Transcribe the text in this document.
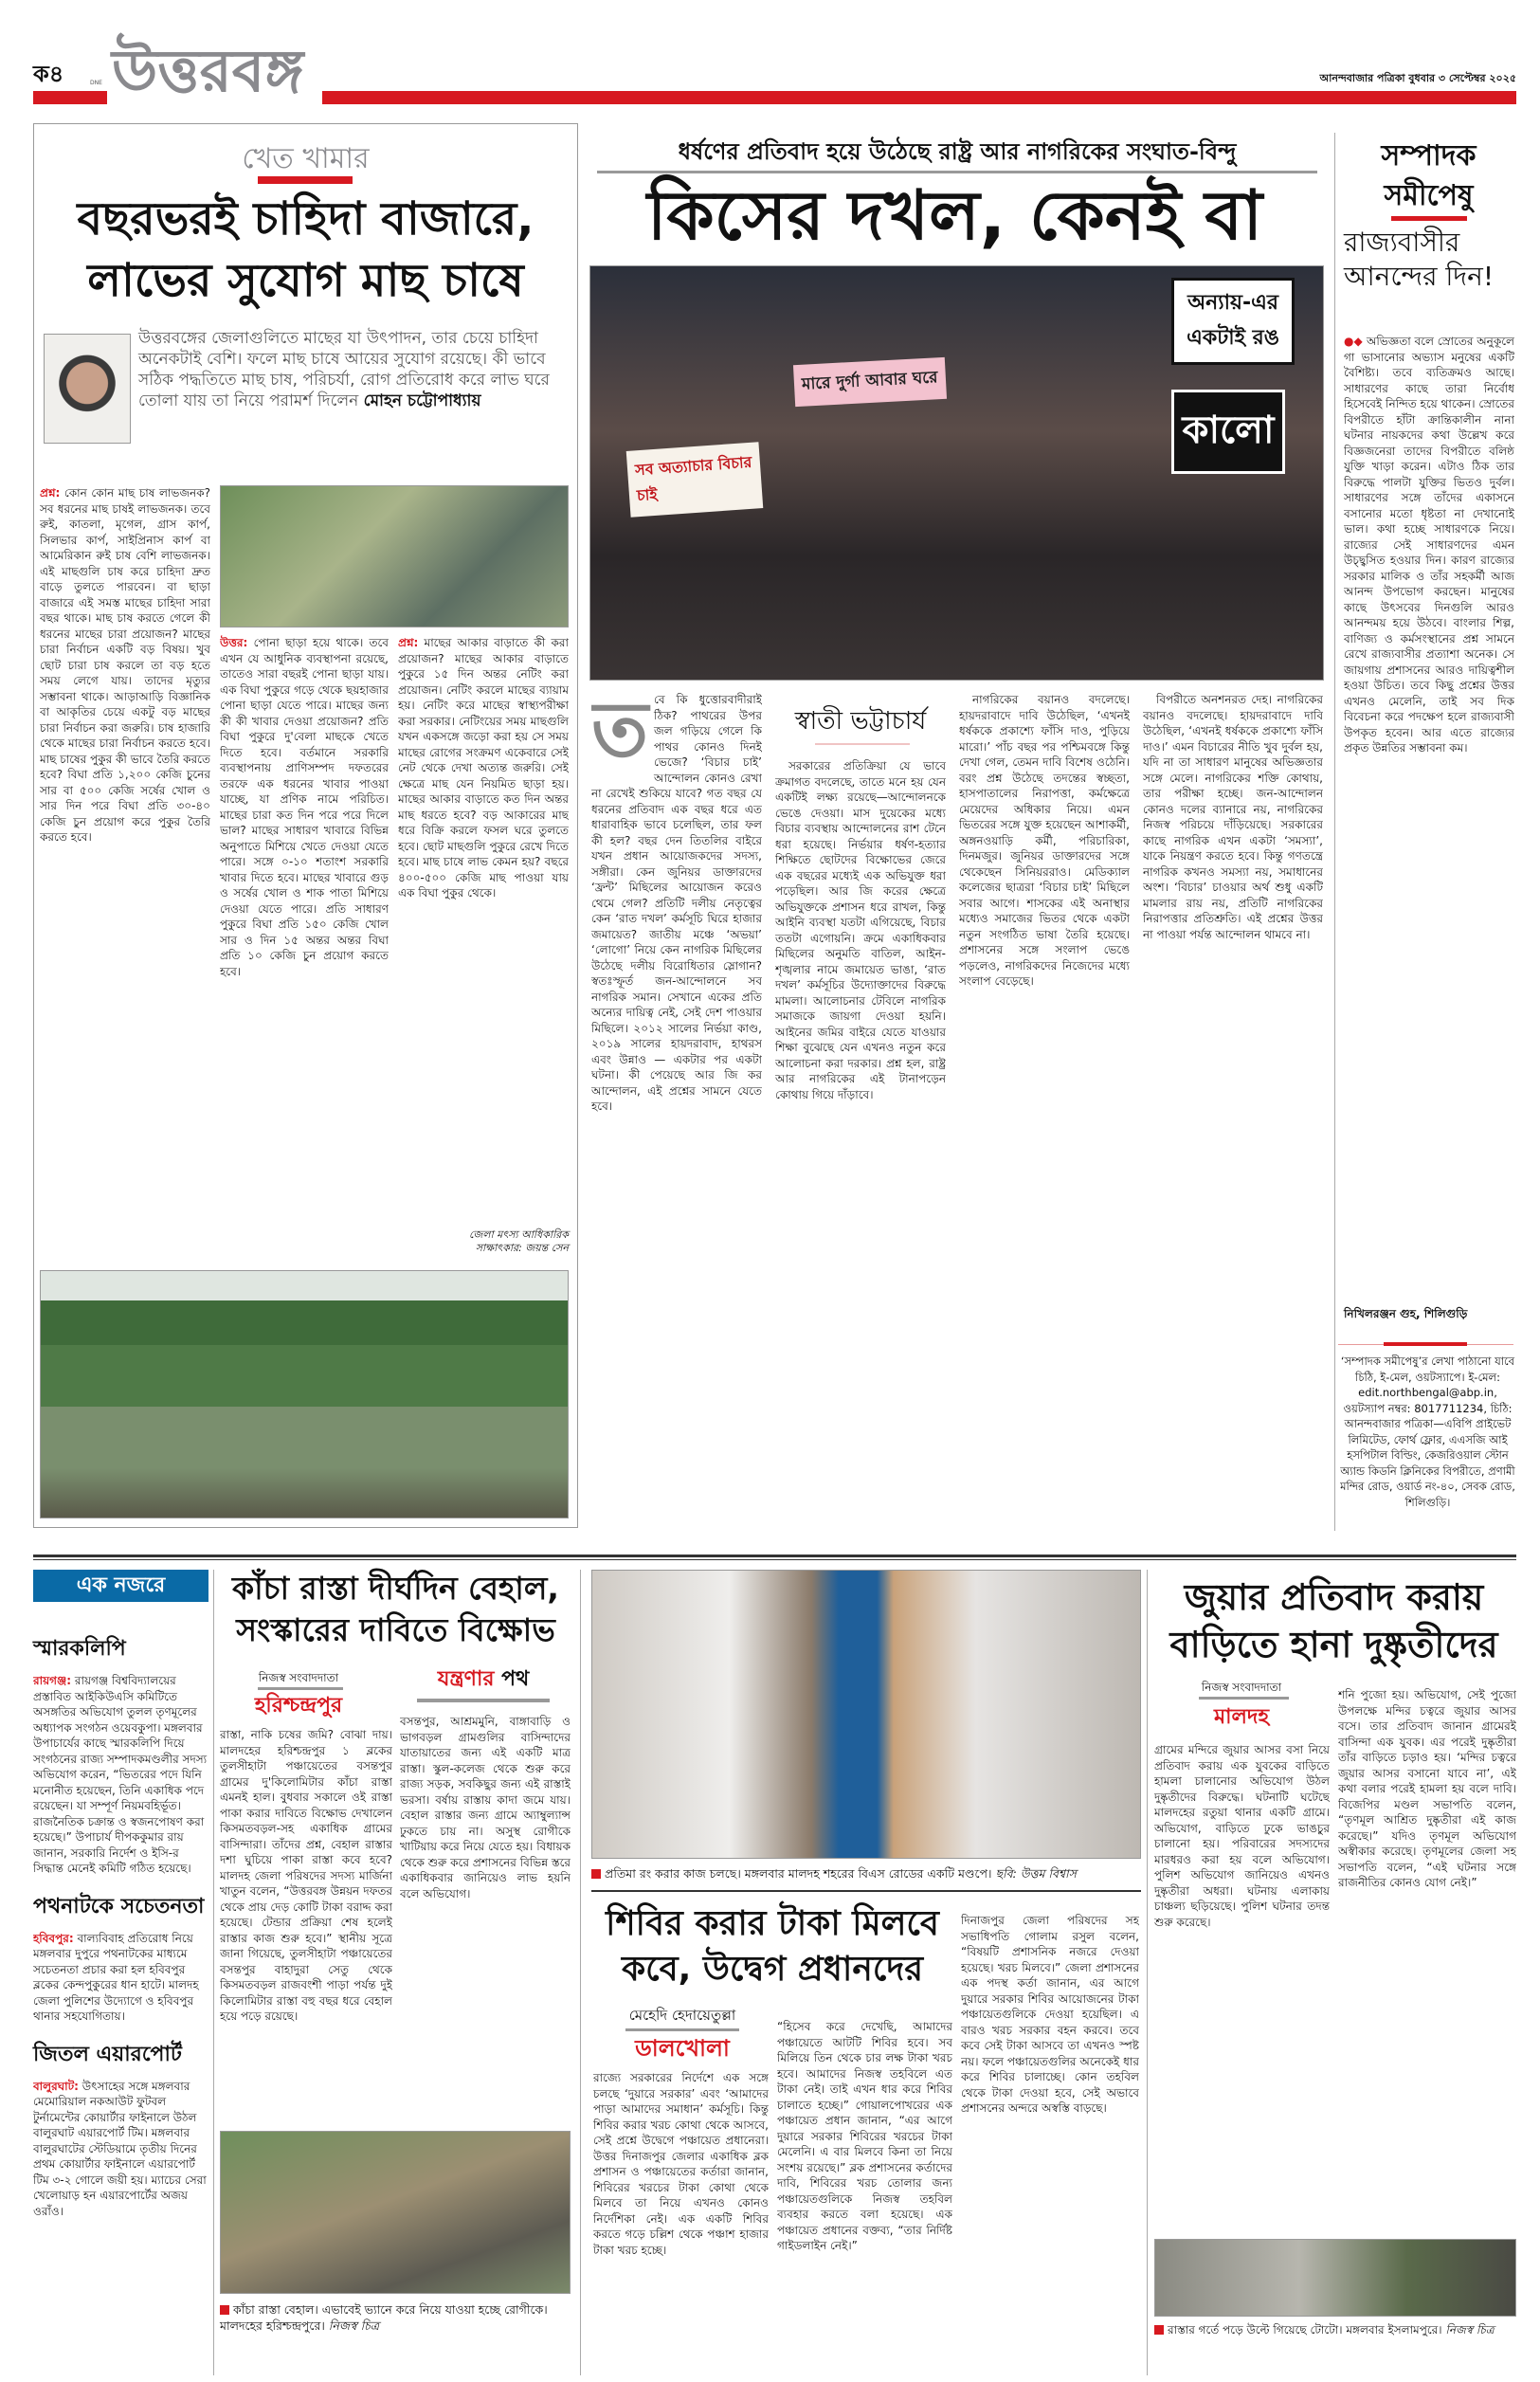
ক৪	DNE উত্তরবঙ্গ	আনন্দবাজার পত্রিকা বুধবার ৩ সেপ্টেম্বর ২০২৫
খেত খামার
বছরভরই চাহিদা বাজারে,
লাভের সুযোগ মাছ চাষে
উত্তরবঙ্গের জেলাগুলিতে মাছের যা উৎপাদন, তার চেয়ে চাহিদা অনেকটাই বেশি। ফলে মাছ চাষে আয়ের সুযোগ রয়েছে। কী ভাবে সঠিক পদ্ধতিতে মাছ চাষ, পরিচর্যা, রোগ প্রতিরোধ করে লাভ ঘরে তোলা যায় তা নিয়ে পরামর্শ দিলেন মোহন চট্টোপাধ্যায়

প্রশ্ন: কোন কোন মাছ চাষ লাভজনক? সব ধরনের মাছ চাষই লাভজনক। তবে রুই, কাতলা, মৃগেল, গ্রাস কার্প, সিলভার কার্প, সাইপ্রিনাস কার্প বা আমেরিকান রুই চাষ বেশি লাভজনক। এই মাছগুলি চাষ করে চাহিদা দ্রুত বাড়ে তুলতে পারবেন। বা ছাড়া বাজারে এই সমস্ত মাছের চাহিদা সারা বছর থাকে। মাছ চাষ করতে গেলে কী ধরনের মাছের চারা প্রয়োজন? মাছের চারা নির্বাচন একটি বড় বিষয়। খুব ছোট চারা চাষ করলে তা বড় হতে সময় লেগে যায়। তাদের মৃত্যুর সম্ভাবনা থাকে। আড়াআড়ি বিজ্ঞানিক বা আকৃতির চেয়ে একটু বড় মাছের চারা নির্বাচন করা জরুরি। চাষ হাজারি থেকে মাছের চারা নির্বাচন করতে হবে। মাছ চাষের পুকুর কী ভাবে তৈরি করতে হবে? বিঘা প্রতি ১,২০০ কেজি চুনের সার বা ৫০০ কেজি সর্ষের খোল ও সার দিন পরে বিঘা প্রতি ৩০-৪০ কেজি চুন প্রয়োগ করে পুকুর তৈরি করতে হবে।

উত্তর: পোনা ছাড়া হয়ে থাকে। তবে এখন যে আধুনিক ব্যবস্থাপনা রয়েছে, তাতেও সারা বছরই পোনা ছাড়া যায়। এক বিঘা পুকুরে গড়ে থেকে ছয়হাজার পোনা ছাড়া যেতে পারে। মাছের জন্য কী কী খাবার দেওয়া প্রয়োজন? প্রতি বিঘা পুকুরে দু'বেলা মাছকে খেতে দিতে হবে। বর্তমানে সরকারি ব্যবস্থাপনায় প্রাণিসম্পদ দফতরের তরফে এক ধরনের খাবার পাওয়া যাচ্ছে, যা প্রণিক নামে পরিচিত। মাছের চারা কত দিন পরে পরে দিলে ভাল? মাছের সাধারণ খাবারে বিভিন্ন অনুপাতে মিশিয়ে খেতে দেওয়া যেতে পারে। সঙ্গে ০-১০ শতাংশ সরকারি খাবার দিতে হবে। মাছের খাবারে গুড় ও সর্ষের খোল ও শাক পাতা মিশিয়ে দেওয়া যেতে পারে। প্রতি সাধারণ পুকুরে বিঘা প্রতি ১৫০ কেজি খোল সার ও দিন ১৫ অন্তর অন্তর বিঘা প্রতি ১০ কেজি চুন প্রয়োগ করতে হবে।

প্রশ্ন: মাছের আকার বাড়াতে কী করা প্রয়োজন? মাছের আকার বাড়াতে পুকুরে ১৫ দিন অন্তর নেটিং করা প্রয়োজন। নেটিং করলে মাছের ব্যায়াম হয়। নেটিং করে মাছের স্বাস্থ্যপরীক্ষা করা সরকার। নেটিংয়ের সময় মাছগুলি যখন একসঙ্গে জড়ো করা হয় সে সময় মাছের রোগের সংক্রমণ একেবারে সেই নেট থেকে দেখা অত্যন্ত জরুরি। সেই ক্ষেত্রে মাছ যেন নিয়মিত ছাড়া হয়। মাছের আকার বাড়াতে কত দিন অন্তর মাছ ধরতে হবে? বড় আকারের মাছ ধরে বিক্রি করলে ফসল ঘরে তুলতে হবে। ছোট মাছগুলি পুকুরে রেখে দিতে হবে। মাছ চাষে লাভ কেমন হয়? বছরে ৪০০-৫০০ কেজি মাছ পাওয়া যায় এক বিঘা পুকুর থেকে।

জেলা মৎস্য আধিকারিক
সাক্ষাৎকার: জয়ন্ত সেন
ধর্ষণের প্রতিবাদ হয়ে উঠেছে রাষ্ট্র আর নাগরিকের সংঘাত-বিন্দু
কিসের দখল, কেনই বা
অন্যায়-এর একটাই রঙ
কালো
মারে দুর্গা আবার ঘরে
সব অত্যাচার বিচার চাই
ত বে কি ধুত্তোরবাদীরাই ঠিক? পাথরের উপর জল গড়িয়ে গেলে কি পাথর কোনও দিনই ভেজে? ‘বিচার চাই’ আন্দোলন কোনও রেখা না রেখেই শুকিয়ে যাবে? গত বছর যে ধরনের প্রতিবাদ এক বছর ধরে এত ধারাবাহিক ভাবে চলেছিল, তার ফল কী হল? বছর দেন তিতলির বাইরে যখন প্রধান আয়োজকদের সদস্য, সঙ্গীরা। কেন জুনিয়র ডাক্তারদের ‘ফ্রন্ট’ মিছিলের আয়োজন করেও থেমে গেল? প্রতিটি দলীয় নেতৃত্বের কেন ‘রাত দখল’ কর্মসূচি ঘিরে হাজার জমায়েত? জাতীয় মঞ্চে ‘অভয়া’ ‘লোগো’ নিয়ে কেন নাগরিক মিছিলের উঠেছে দলীয় বিরোধিতার স্লোগান? স্বতঃস্ফূর্ত জন-আন্দোলনে সব নাগরিক সমান। সেখানে একের প্রতি অন্যের দায়িত্ব নেই, সেই দেশ পাওয়ার মিছিলে। ২০১২ সালের নির্ভয়া কাণ্ড, ২০১৯ সালের হায়দরাবাদ, হাথরস এবং উন্নাও — একটার পর একটা ঘটনা। কী পেয়েছে আর জি কর আন্দোলন, এই প্রশ্নের সামনে যেতে হবে।

স্বাতী ভট্টাচার্য

সরকারের প্রতিক্রিয়া যে ভাবে ক্রমাগত বদলেছে, তাতে মনে হয় যেন একটিই লক্ষ্য রয়েছে—আন্দোলনকে ভেঙে দেওয়া। মাস দুয়েকের মধ্যে বিচার ব্যবস্থায় আন্দোলনের রাশ টেনে ধরা হয়েছে। নির্ভয়ার ধর্ষণ-হত্যার শিক্ষিতে ছোটদের বিক্ষোভের জেরে এক বছরের মধ্যেই এক অভিযুক্ত ধরা পড়েছিল। আর জি করের ক্ষেত্রে অভিযুক্তকে প্রশাসন ধরে রাখল, কিন্তু আইনি ব্যবস্থা যতটা এগিয়েছে, বিচার ততটা এগোয়নি। ক্রমে একাধিকবার মিছিলের অনুমতি বাতিল, আইন-শৃঙ্খলার নামে জমায়েত ভাঙা, ‘রাত দখল’ কর্মসূচির উদ্যোক্তাদের বিরুদ্ধে মামলা। আলোচনার টেবিলে নাগরিক সমাজকে জায়গা দেওয়া হয়নি। আইনের জমির বাইরে যেতে যাওয়ার শিক্ষা বুঝেছে যেন এখনও নতুন করে আলোচনা করা দরকার। প্রশ্ন হল, রাষ্ট্র আর নাগরিকের এই টানাপড়েন কোথায় গিয়ে দাঁড়াবে।

নাগরিকের বয়ানও বদলেছে। হায়দরাবাদে দাবি উঠেছিল, ‘এখনই ধর্ষককে প্রকাশ্যে ফাঁসি দাও, পুড়িয়ে মারো।’ পাঁচ বছর পর পশ্চিমবঙ্গে কিন্তু দেখা গেল, তেমন দাবি বিশেষ ওঠেনি। বরং প্রশ্ন উঠেছে তদন্তের স্বচ্ছতা, হাসপাতালের নিরাপত্তা, কর্মক্ষেত্রে মেয়েদের অধিকার নিয়ে। এমন ভিতরের সঙ্গে যুক্ত হয়েছেন আশাকর্মী, অঙ্গনওয়াড়ি কর্মী, পরিচারিকা, দিনমজুর। জুনিয়র ডাক্তারদের সঙ্গে থেকেছেন সিনিয়ররাও। মেডিক্যাল কলেজের ছাত্ররা ‘বিচার চাই’ মিছিলে সবার আগে। শাসকের এই অনাস্থার মধ্যেও সমাজের ভিতর থেকে একটা নতুন সংগঠিত ভাষা তৈরি হয়েছে। প্রশাসনের সঙ্গে সংলাপ ভেঙে পড়লেও, নাগরিকদের নিজেদের মধ্যে সংলাপ বেড়েছে।

বিপরীতে অনশনরত দেহ। নাগরিকের বয়ানও বদলেছে। হায়দরাবাদে দাবি উঠেছিল, ‘এখনই ধর্ষককে প্রকাশ্যে ফাঁসি দাও।’ এমন বিচারের নীতি খুব দুর্বল হয়, যদি না তা সাধারণ মানুষের অভিজ্ঞতার সঙ্গে মেলে। নাগরিকের শক্তি কোথায়, তার পরীক্ষা হচ্ছে। জন-আন্দোলন কোনও দলের ব্যানারে নয়, নাগরিকের নিজস্ব পরিচয়ে দাঁড়িয়েছে। সরকারের কাছে নাগরিক এখন একটা ‘সমস্যা’, যাকে নিয়ন্ত্রণ করতে হবে। কিন্তু গণতন্ত্রে নাগরিক কখনও সমস্যা নয়, সমাধানের অংশ। ‘বিচার’ চাওয়ার অর্থ শুধু একটি মামলার রায় নয়, প্রতিটি নাগরিকের নিরাপত্তার প্রতিশ্রুতি। এই প্রশ্নের উত্তর না পাওয়া পর্যন্ত আন্দোলন থামবে না।

সম্পাদক
সমীপেষু
রাজ্যবাসীর আনন্দের দিন!

●◆ অভিজ্ঞতা বলে স্রোতের অনুকূলে গা ভাসানোর অভ্যাস মনুষের একটি বৈশিষ্ট্য। তবে ব্যতিক্রমও আছে। সাধারণের কাছে তারা নির্বোধ হিসেবেই নিন্দিত হয়ে থাকেন। স্রোতের বিপরীতে হাঁটা ক্রান্তিকালীন নানা ঘটনার নায়কদের কথা উল্লেখ করে বিজ্ঞজনেরা তাদের বিপরীতে বলিষ্ঠ যুক্তি খাড়া করেন। এটাও ঠিক তার বিরুদ্ধে পালটা যুক্তির ভিতও দুর্বল। সাধারণের সঙ্গে তাঁদের একাসনে বসানোর মতো ধৃষ্টতা না দেখানোই ভাল। কথা হচ্ছে সাধারণকে নিয়ে। রাজ্যের সেই সাধারণদের এমন উচ্ছ্বসিত হওয়ার দিন। কারণ রাজ্যের সরকার মালিক ও তাঁর সহকর্মী আজ আনন্দ উপভোগ করছেন। মানুষের কাছে উৎসবের দিনগুলি আরও আনন্দময় হয়ে উঠবে। বাংলার শিল্প, বাণিজ্য ও কর্মসংস্থানের প্রশ্ন সামনে রেখে রাজ্যবাসীর প্রত্যাশা অনেক। সে জায়গায় প্রশাসনের আরও দায়িত্বশীল হওয়া উচিত। তবে কিছু প্রশ্নের উত্তর এখনও মেলেনি, তাই সব দিক বিবেচনা করে পদক্ষেপ হলে রাজ্যবাসী উপকৃত হবেন। আর এতে রাজ্যের প্রকৃত উন্নতির সম্ভাবনা কম।

নিখিলরঞ্জন গুহ, শিলিগুড়ি
‘সম্পাদক সমীপেষু’র লেখা পাঠানো যাবে চিঠি, ই-মেল, ওয়টস্যাপে। ই-মেল: edit.northbengal@abp.in, ওয়টস্যাপ নম্বর: 8017711234, চিঠি: আনন্দবাজার পত্রিকা—এবিপি প্রাইভেট লিমিটেড, ফোর্থ ফ্লোর, এএসজি আই হসপিটাল বিল্ডিং, কেজরিওয়াল স্টোন অ্যান্ড কিডনি ক্লিনিকের বিপরীতে, প্রণামী মন্দির রোড, ওয়ার্ড নং-৪০, সেবক রোড, শিলিগুড়ি।
এক নজরে
স্মারকলিপি
রায়গঞ্জ: রায়গঞ্জ বিশ্ববিদ্যালয়ের প্রস্তাবিত আইকিউএসি কমিটিতে অসঙ্গতির অভিযোগ তুলল তৃণমূলের অধ্যাপক সংগঠন ওয়েবকুপা। মঙ্গলবার উপাচার্যের কাছে স্মারকলিপি দিয়ে সংগঠনের রাজ্য সম্পাদকমণ্ডলীর সদস্য অভিযোগ করেন, “ভিতরের পদে যিনি মনোনীত হয়েছেন, তিনি একাধিক পদে রয়েছেন। যা সম্পূর্ণ নিয়মবহির্ভূত। রাজনৈতিক চক্রান্ত ও স্বজনপোষণ করা হয়েছে।” উপাচার্য দীপককুমার রায় জানান, সরকারি নির্দেশ ও ইসি-র সিদ্ধান্ত মেনেই কমিটি গঠিত হয়েছে।
পথনাটকে সচেতনতা
হবিবপুর: বাল্যবিবাহ প্রতিরোধ নিয়ে মঙ্গলবার দুপুরে পথনাটকের মাধ্যমে সচেতনতা প্রচার করা হল হবিবপুর ব্লকের কেন্দপুকুরের ধান হাটে। মালদহ জেলা পুলিশের উদ্যোগে ও হবিবপুর থানার সহযোগিতায়।
জিতল এয়ারপোর্ট
বালুরঘাট: উৎসাহের সঙ্গে মঙ্গলবার মেমোরিয়াল নকআউট ফুটবল টুর্নামেন্টের কোয়ার্টার ফাইনালে উঠল বালুরঘাট এয়ারপোর্ট টিম। মঙ্গলবার বালুরঘাটের স্টেডিয়ামে তৃতীয় দিনের প্রথম কোয়ার্টার ফাইনালে এয়ারপোর্ট টিম ৩-২ গোলে জয়ী হয়। ম্যাচের সেরা খেলোয়াড় হন এয়ারপোর্টের অজয় ওরাঁও।
কাঁচা রাস্তা দীর্ঘদিন বেহাল,
সংস্কারের দাবিতে বিক্ষোভ
নিজস্ব সংবাদদাতা
হরিশ্চন্দ্রপুর
যন্ত্রণার পথ

রাস্তা, নাকি চষের জমি? বোঝা দায়। মালদহের হরিশ্চন্দ্রপুর ১ ব্লকের তুলসীহাটা পঞ্চায়েতের বসন্তপুর গ্রামের দু'কিলোমিটার কাঁচা রাস্তা এমনই হাল। বুধবার সকালে ওই রাস্তা পাকা করার দাবিতে বিক্ষোভ দেখালেন কিসমতবড়ল-সহ একাধিক গ্রামের বাসিন্দারা। তাঁদের প্রশ্ন, বেহাল রাস্তার দশা ঘুচিয়ে পাকা রাস্তা কবে হবে? মালদহ জেলা পরিষদের সদস্য মার্জিনা খাতুন বলেন, “উত্তরবঙ্গ উন্নয়ন দফতর থেকে প্রায় দেড় কোটি টাকা বরাদ্দ করা হয়েছে। টেন্ডার প্রক্রিয়া শেষ হলেই রাস্তার কাজ শুরু হবে।” স্থানীয় সূত্রে জানা গিয়েছে, তুলসীহাটা পঞ্চায়েতের বসন্তপুর বাহাদুরা সেতু থেকে কিসমতবড়ল রাজবংশী পাড়া পর্যন্ত দুই কিলোমিটার রাস্তা বহু বছর ধরে বেহাল হয়ে পড়ে রয়েছে।

বসন্তপুর, আশ্রমমুনি, বাঙ্গাবাড়ি ও ভাগবড়ল গ্রামগুলির বাসিন্দাদের যাতায়াতের জন্য এই একটি মাত্র রাস্তা। স্কুল-কলেজ থেকে শুরু করে রাজ্য সড়ক, সবকিছুর জন্য এই রাস্তাই ভরসা। বর্ষায় রাস্তায় কাদা জমে যায়। বেহাল রাস্তার জন্য গ্রামে অ্যাম্বুল্যান্স ঢুকতে চায় না। অসুস্থ রোগীকে খাটিয়ায় করে নিয়ে যেতে হয়। বিধায়ক থেকে শুরু করে প্রশাসনের বিভিন্ন স্তরে একাধিকবার জানিয়েও লাভ হয়নি বলে অভিযোগ।

কাঁচা রাস্তা বেহাল। এভাবেই ভ্যানে করে নিয়ে যাওয়া হচ্ছে রোগীকে। মালদহের হরিশ্চন্দ্রপুরে। নিজস্ব চিত্র
প্রতিমা রং করার কাজ চলছে। মঙ্গলবার মালদহ শহরের বিএস রোডের একটি মণ্ডপে। ছবি: উত্তম বিশ্বাস
শিবির করার টাকা মিলবে
কবে, উদ্বেগ প্রধানদের
মেহেদি হেদায়েতুল্লা
ডালখোলা

রাজ্যে সরকারের নির্দেশে এক সঙ্গে চলছে ‘দুয়ারে সরকার’ এবং ‘আমাদের পাড়া আমাদের সমাধান’ কর্মসূচি। কিন্তু শিবির করার খরচ কোথা থেকে আসবে, সেই প্রশ্নে উদ্বেগে পঞ্চায়েত প্রধানেরা। উত্তর দিনাজপুর জেলার একাধিক ব্লক প্রশাসন ও পঞ্চায়েতের কর্তারা জানান, শিবিরের খরচের টাকা কোথা থেকে মিলবে তা নিয়ে এখনও কোনও নির্দেশিকা নেই। এক একটি শিবির করতে গড়ে চল্লিশ থেকে পঞ্চাশ হাজার টাকা খরচ হচ্ছে।

“হিসেব করে দেখেছি, আমাদের পঞ্চায়েতে আটটি শিবির হবে। সব মিলিয়ে তিন থেকে চার লক্ষ টাকা খরচ হবে। আমাদের নিজস্ব তহবিলে এত টাকা নেই। তাই এখন ধার করে শিবির চালাতে হচ্ছে।” গোয়ালপোখরের এক পঞ্চায়েত প্রধান জানান, “এর আগে দুয়ারে সরকার শিবিরের খরচের টাকা মেলেনি। এ বার মিলবে কিনা তা নিয়ে সংশয় রয়েছে।” ব্লক প্রশাসনের কর্তাদের দাবি, শিবিরের খরচ তোলার জন্য পঞ্চায়েতগুলিকে নিজস্ব তহবিল ব্যবহার করতে বলা হয়েছে। এক পঞ্চায়েত প্রধানের বক্তব্য, “তার নির্দিষ্ট গাইডলাইন নেই।”

দিনাজপুর জেলা পরিষদের সহ সভাধিপতি গোলাম রসুল বলেন, “বিষয়টি প্রশাসনিক নজরে দেওয়া হয়েছে। খরচ মিলবে।” জেলা প্রশাসনের এক পদস্থ কর্তা জানান, এর আগে দুয়ারে সরকার শিবির আয়োজনের টাকা পঞ্চায়েতগুলিকে দেওয়া হয়েছিল। এ বারও খরচ সরকার বহন করবে। তবে কবে সেই টাকা আসবে তা এখনও স্পষ্ট নয়। ফলে পঞ্চায়েতগুলির অনেকেই ধার করে শিবির চালাচ্ছে। কোন তহবিল থেকে টাকা দেওয়া হবে, সেই অভাবে প্রশাসনের অন্দরে অস্বস্তি বাড়ছে।

জুয়ার প্রতিবাদ করায়
বাড়িতে হানা দুষ্কৃতীদের
নিজস্ব সংবাদদাতা
মালদহ

গ্রামের মন্দিরে জুয়ার আসর বসা নিয়ে প্রতিবাদ করায় এক যুবকের বাড়িতে হামলা চালানোর অভিযোগ উঠল দুষ্কৃতীদের বিরুদ্ধে। ঘটনাটি ঘটেছে মালদহের রতুয়া থানার একটি গ্রামে। অভিযোগ, বাড়িতে ঢুকে ভাঙচুর চালানো হয়। পরিবারের সদস্যদের মারধরও করা হয় বলে অভিযোগ। পুলিশ অভিযোগ জানিয়েও এখনও দুষ্কৃতীরা অধরা। ঘটনায় এলাকায় চাঞ্চল্য ছড়িয়েছে। পুলিশ ঘটনার তদন্ত শুরু করেছে।

শনি পুজো হয়। অভিযোগ, সেই পুজো উপলক্ষে মন্দির চত্বরে জুয়ার আসর বসে। তার প্রতিবাদ জানান গ্রামেরই বাসিন্দা এক যুবক। এর পরেই দুষ্কৃতীরা তাঁর বাড়িতে চড়াও হয়। ‘মন্দির চত্বরে জুয়ার আসর বসানো যাবে না’, এই কথা বলার পরেই হামলা হয় বলে দাবি। বিজেপির মণ্ডল সভাপতি বলেন, “তৃণমূল আশ্রিত দুষ্কৃতীরা এই কাজ করেছে।” যদিও তৃণমূল অভিযোগ অস্বীকার করেছে। তৃণমূলের জেলা সহ সভাপতি বলেন, “এই ঘটনার সঙ্গে রাজনীতির কোনও যোগ নেই।”

রাস্তার গর্তে পড়ে উল্টে গিয়েছে টোটো। মঙ্গলবার ইসলামপুরে। নিজস্ব চিত্র
